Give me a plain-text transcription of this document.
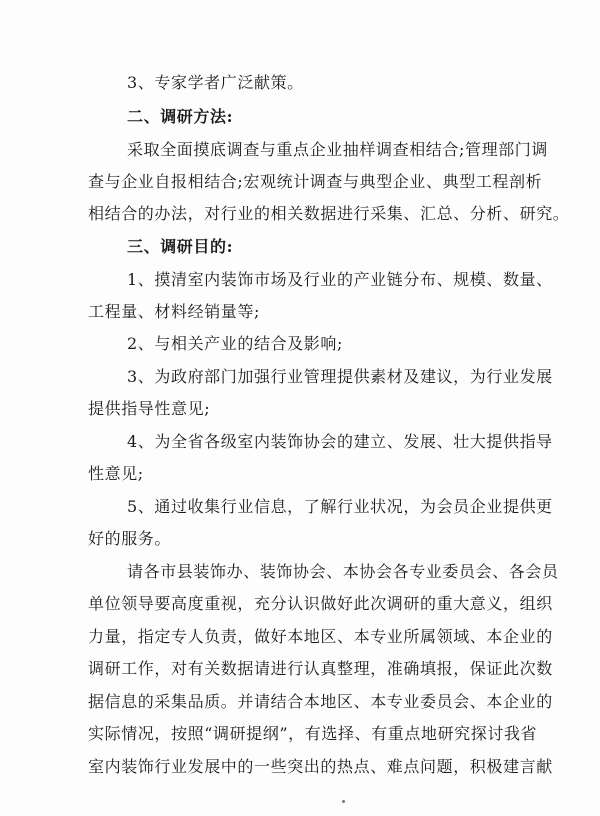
3、专家学者广泛献策。
二、调研方法:
采取全面摸底调查与重点企业抽样调查相结合;管理部门调
查与企业自报相结合;宏观统计调查与典型企业、典型工程剖析
相结合的办法，对行业的相关数据进行采集、汇总、分析、研究。
三、调研目的:
1、摸清室内装饰市场及行业的产业链分布、规模、数量、
工程量、材料经销量等;
2、与相关产业的结合及影响;
3、为政府部门加强行业管理提供素材及建议，为行业发展
提供指导性意见;
4、为全省各级室内装饰协会的建立、发展、壮大提供指导
性意见;
5、通过收集行业信息，了解行业状况，为会员企业提供更
好的服务。
请各市县装饰办、装饰协会、本协会各专业委员会、各会员
单位领导要高度重视，充分认识做好此次调研的重大意义，组织
力量，指定专人负责，做好本地区、本专业所属领域、本企业的
调研工作，对有关数据请进行认真整理，准确填报，保证此次数
据信息的采集品质。并请结合本地区、本专业委员会、本企业的
实际情况，按照“调研提纲”，有选择、有重点地研究探讨我省
室内装饰行业发展中的一些突出的热点、难点问题，积极建言献
